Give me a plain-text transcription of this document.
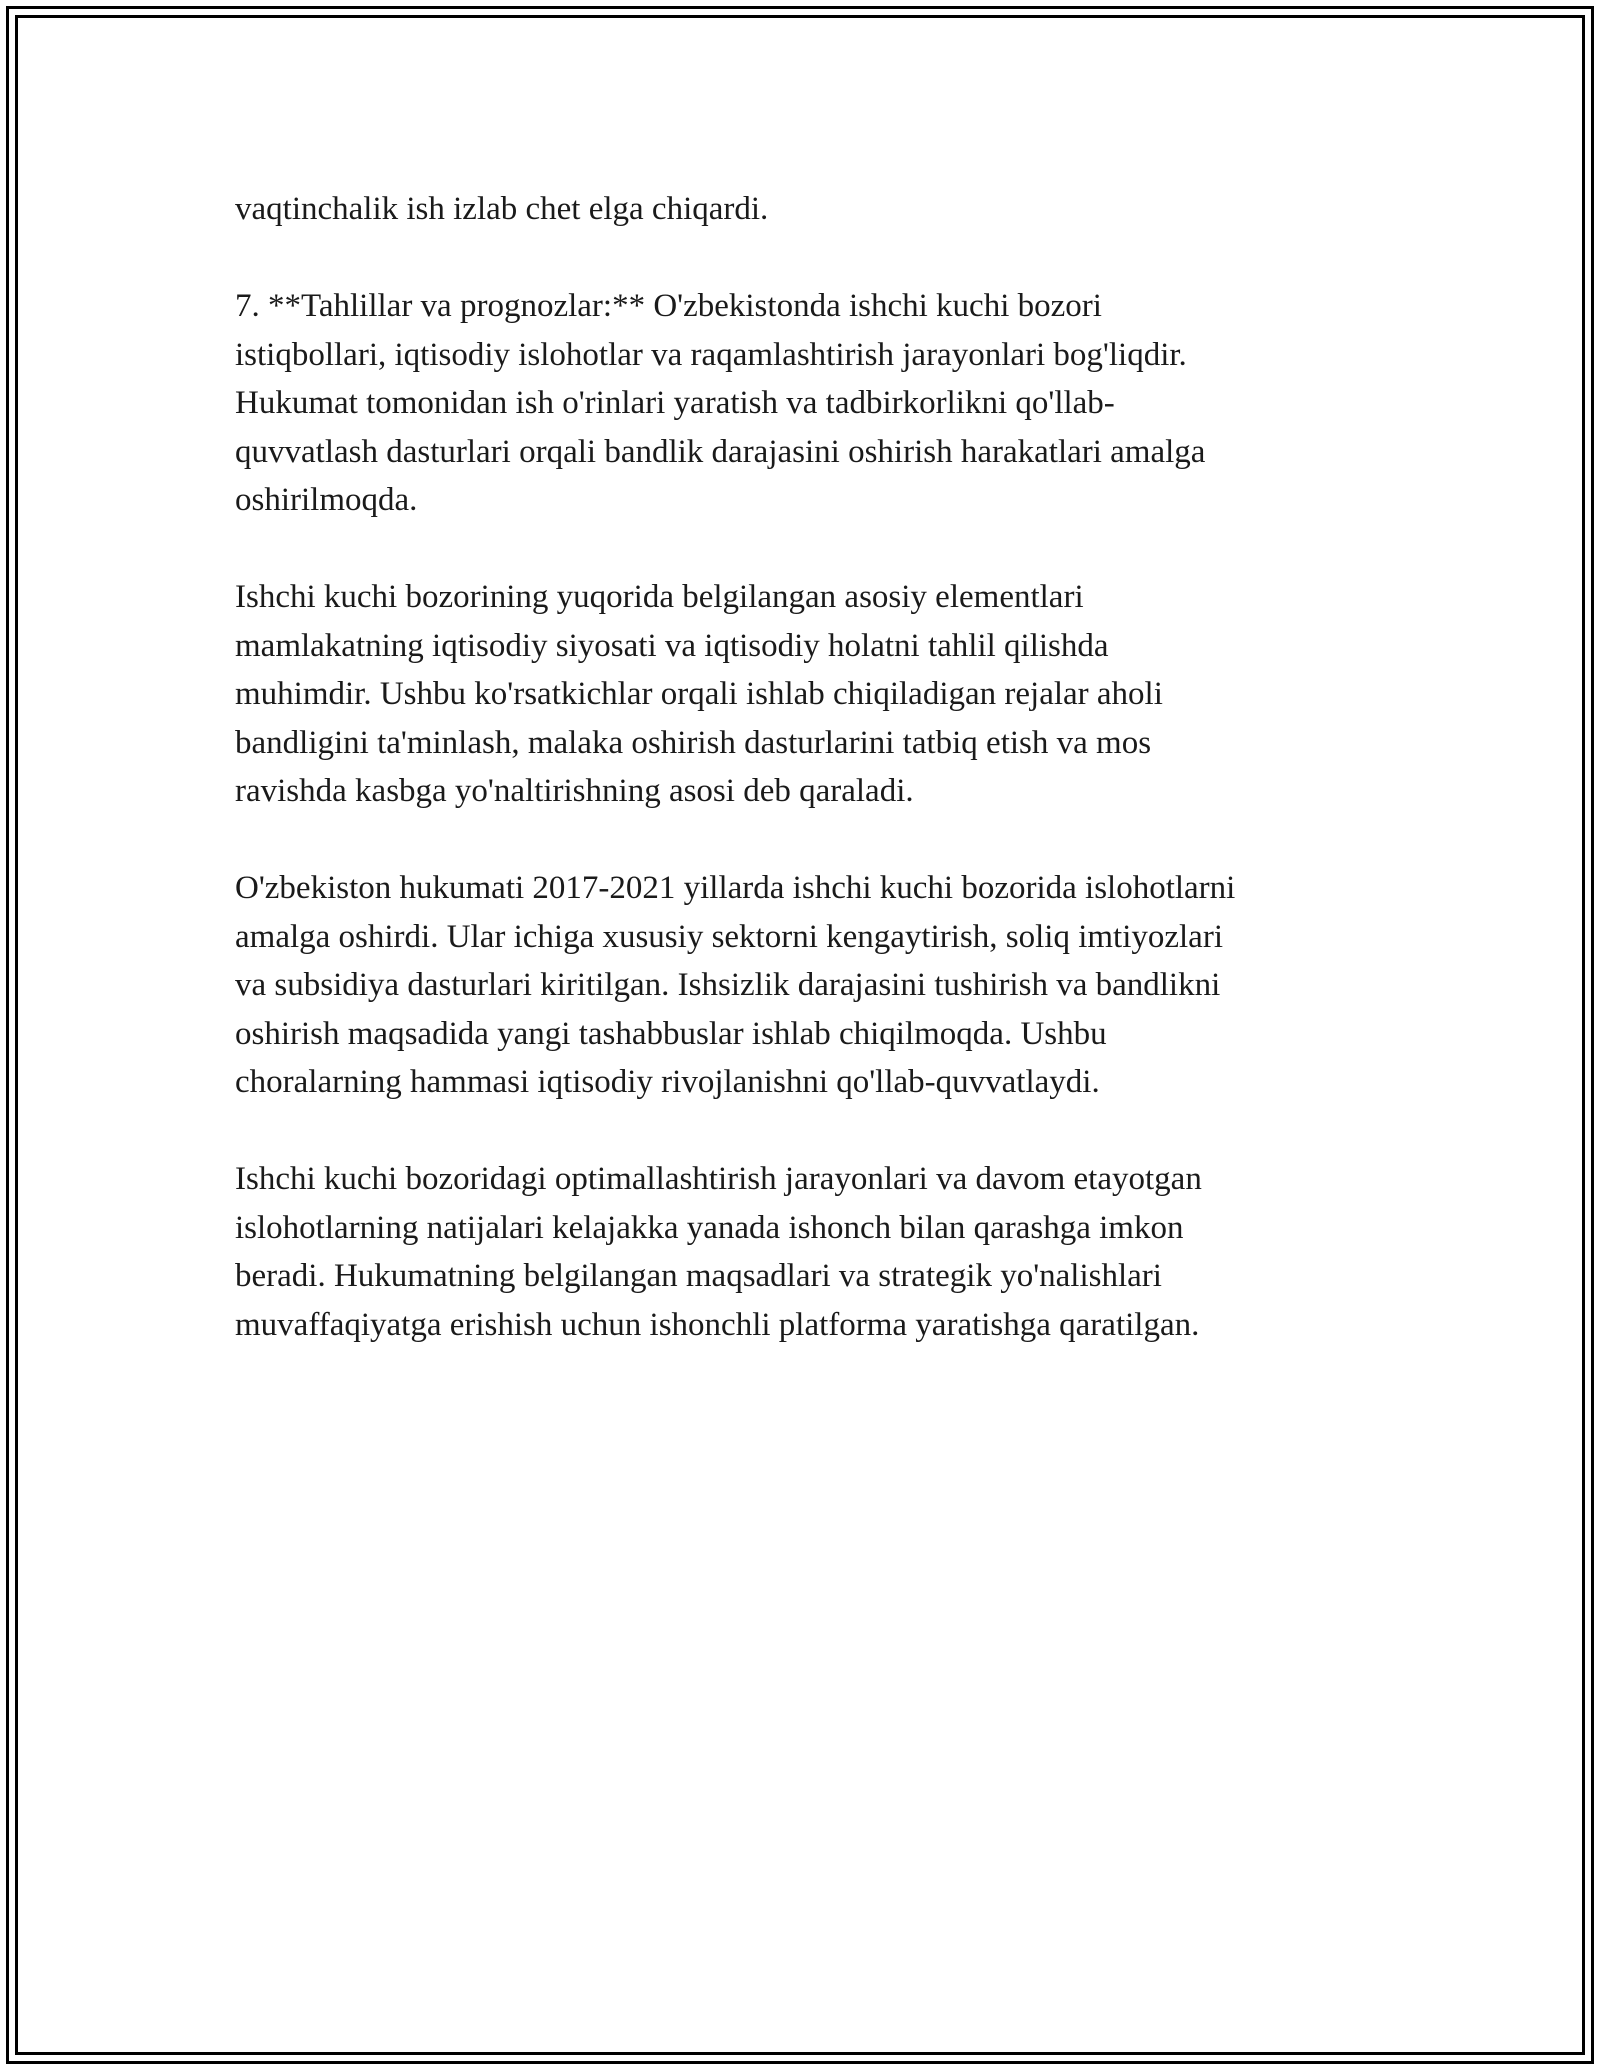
vaqtinchalik ish izlab chet elga chiqardi.

7. **Tahlillar va prognozlar:** O'zbekistonda ishchi kuchi bozori
istiqbollari, iqtisodiy islohotlar va raqamlashtirish jarayonlari bog'liqdir.
Hukumat tomonidan ish o'rinlari yaratish va tadbirkorlikni qo'llab-
quvvatlash dasturlari orqali bandlik darajasini oshirish harakatlari amalga
oshirilmoqda.

Ishchi kuchi bozorining yuqorida belgilangan asosiy elementlari
mamlakatning iqtisodiy siyosati va iqtisodiy holatni tahlil qilishda
muhimdir. Ushbu ko'rsatkichlar orqali ishlab chiqiladigan rejalar aholi
bandligini ta'minlash, malaka oshirish dasturlarini tatbiq etish va mos
ravishda kasbga yo'naltirishning asosi deb qaraladi.

O'zbekiston hukumati 2017-2021 yillarda ishchi kuchi bozorida islohotlarni
amalga oshirdi. Ular ichiga xususiy sektorni kengaytirish, soliq imtiyozlari
va subsidiya dasturlari kiritilgan. Ishsizlik darajasini tushirish va bandlikni
oshirish maqsadida yangi tashabbuslar ishlab chiqilmoqda. Ushbu
choralarning hammasi iqtisodiy rivojlanishni qo'llab-quvvatlaydi.

Ishchi kuchi bozoridagi optimallashtirish jarayonlari va davom etayotgan
islohotlarning natijalari kelajakka yanada ishonch bilan qarashga imkon
beradi. Hukumatning belgilangan maqsadlari va strategik yo'nalishlari
muvaffaqiyatga erishish uchun ishonchli platforma yaratishga qaratilgan.
